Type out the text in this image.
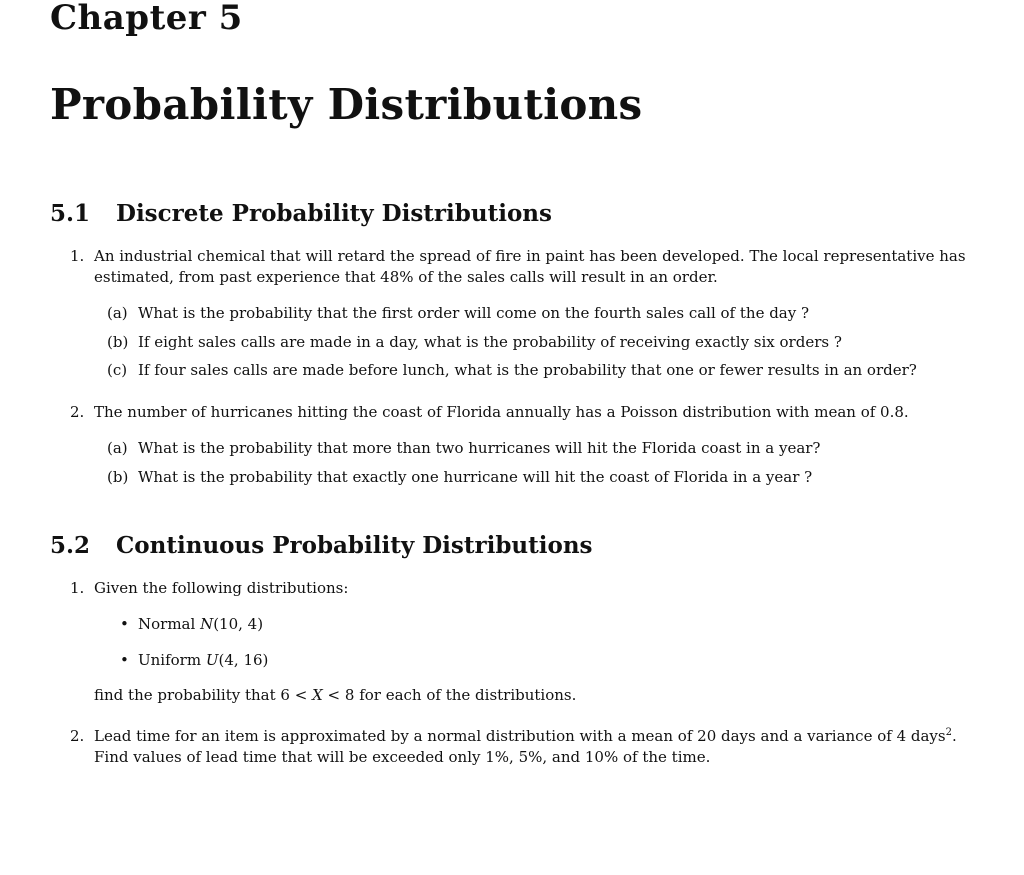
Chapter 5
Probability Distributions
5.1 Discrete Probability Distributions
1. An industrial chemical that will retard the spread of fire in paint has been developed. The local representative has estimated, from past experience that 48% of the sales calls will result in an order.
(a) What is the probability that the first order will come on the fourth sales call of the day ?
(b) If eight sales calls are made in a day, what is the probability of receiving exactly six orders ?
(c) If four sales calls are made before lunch, what is the probability that one or fewer results in an order?
2. The number of hurricanes hitting the coast of Florida annually has a Poisson distribution with mean of 0.8.
(a) What is the probability that more than two hurricanes will hit the Florida coast in a year?
(b) What is the probability that exactly one hurricane will hit the coast of Florida in a year ?
5.2 Continuous Probability Distributions
1. Given the following distributions:
• Normal N(10, 4)
• Uniform U(4, 16)
find the probability that 6 < X < 8 for each of the distributions.
2. Lead time for an item is approximated by a normal distribution with a mean of 20 days and a variance of 4 days$^2$. Find values of lead time that will be exceeded only 1%, 5%, and 10% of the time.
